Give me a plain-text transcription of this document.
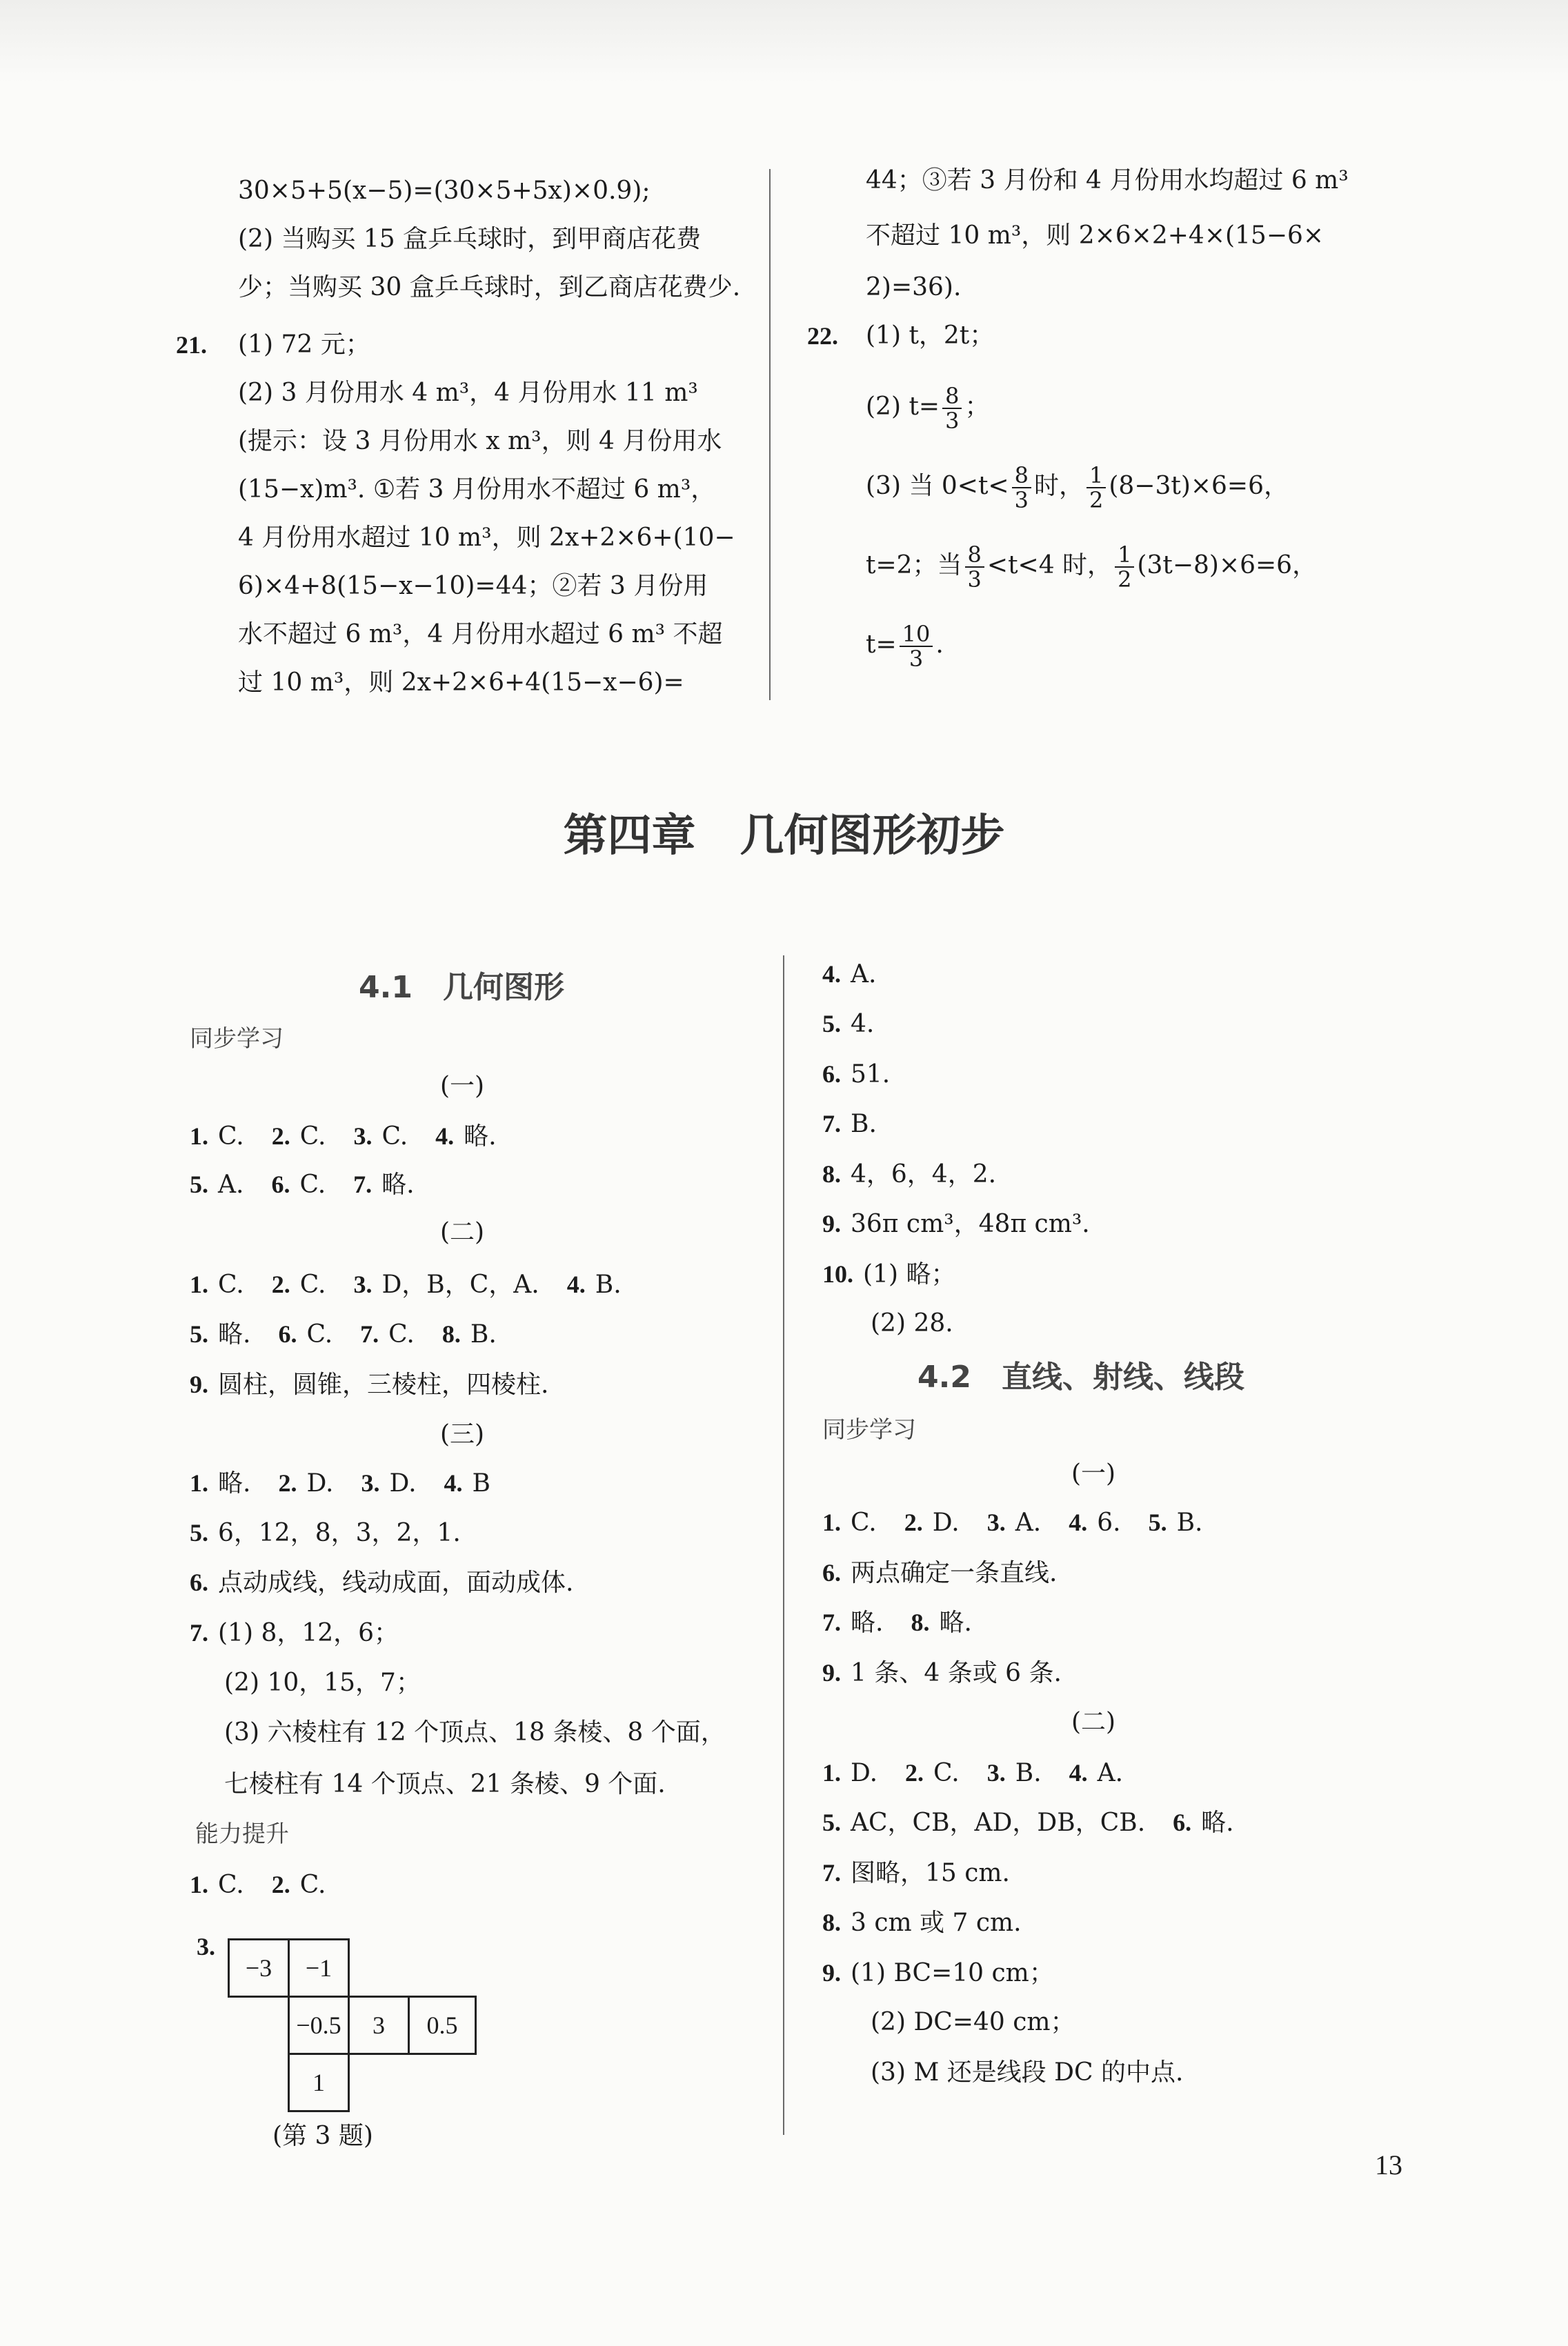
30×5+5(x−5)=(30×5+5x)×0.9);
(2) 当购买 15 盒乒乓球时，到甲商店花费
少；当购买 30 盒乒乓球时，到乙商店花费少.
21. (1) 72 元；
(2) 3 月份用水 4 m³，4 月份用水 11 m³
(提示：设 3 月份用水 x m³，则 4 月份用水
(15−x)m³. ①若 3 月份用水不超过 6 m³，
4 月份用水超过 10 m³，则 2x+2×6+(10−
6)×4+8(15−x−10)=44；②若 3 月份用
水不超过 6 m³，4 月份用水超过 6 m³ 不超
过 10 m³，则 2x+2×6+4(15−x−6)=
44；③若 3 月份和 4 月份用水均超过 6 m³
不超过 10 m³，则 2×6×2+4×(15−6×
2)=36).
22. (1) t，2t；
(2) $t= \frac{8}{3}$ ；
(3) 当 $0<t< \frac{8}{3}$ 时， $\frac{1}{2} (8-3t)\times 6=6$，
t=2；当 $\frac{8}{3} <t<4$ 时， $\frac{1}{2} (3t-8)\times 6=6$，
$t= \frac{10}{3}$ .
第四章　几何图形初步
4.1　几何图形
同步学习
(一)
1. C. 2. C. 3. C. 4. 略.
5. A. 6. C. 7. 略.
(二)
1. C. 2. C. 3. D，B，C，A. 4. B.
5. 略. 6. C. 7. C. 8. B.
9. 圆柱，圆锥，三棱柱，四棱柱.
(三)
1. 略. 2. D. 3. D. 4. B
5. 6，12，8，3，2，1.
6. 点动成线，线动成面，面动成体.
7. (1) 8，12，6；
(2) 10，15，7；
(3) 六棱柱有 12 个顶点、18 条棱、8 个面，
七棱柱有 14 个顶点、21 条棱、9 个面.
能力提升
1. C. 2. C.
3.
−3	−1
−0.5	3	0.5
1
(第 3 题)
4. A.
5. 4.
6. 51.
7. B.
8. 4，6，4，2.
9. 36π cm³，48π cm³.
10. (1) 略；
(2) 28.
4.2　直线、射线、线段
同步学习
(一)
1. C. 2. D. 3. A. 4. 6. 5. B.
6. 两点确定一条直线.
7. 略. 8. 略.
9. 1 条、4 条或 6 条.
(二)
1. D. 2. C. 3. B. 4. A.
5. AC，CB，AD，DB，CB. 6. 略.
7. 图略，15 cm.
8. 3 cm 或 7 cm.
9. (1) BC=10 cm；
(2) DC=40 cm；
(3) M 还是线段 DC 的中点.
13
